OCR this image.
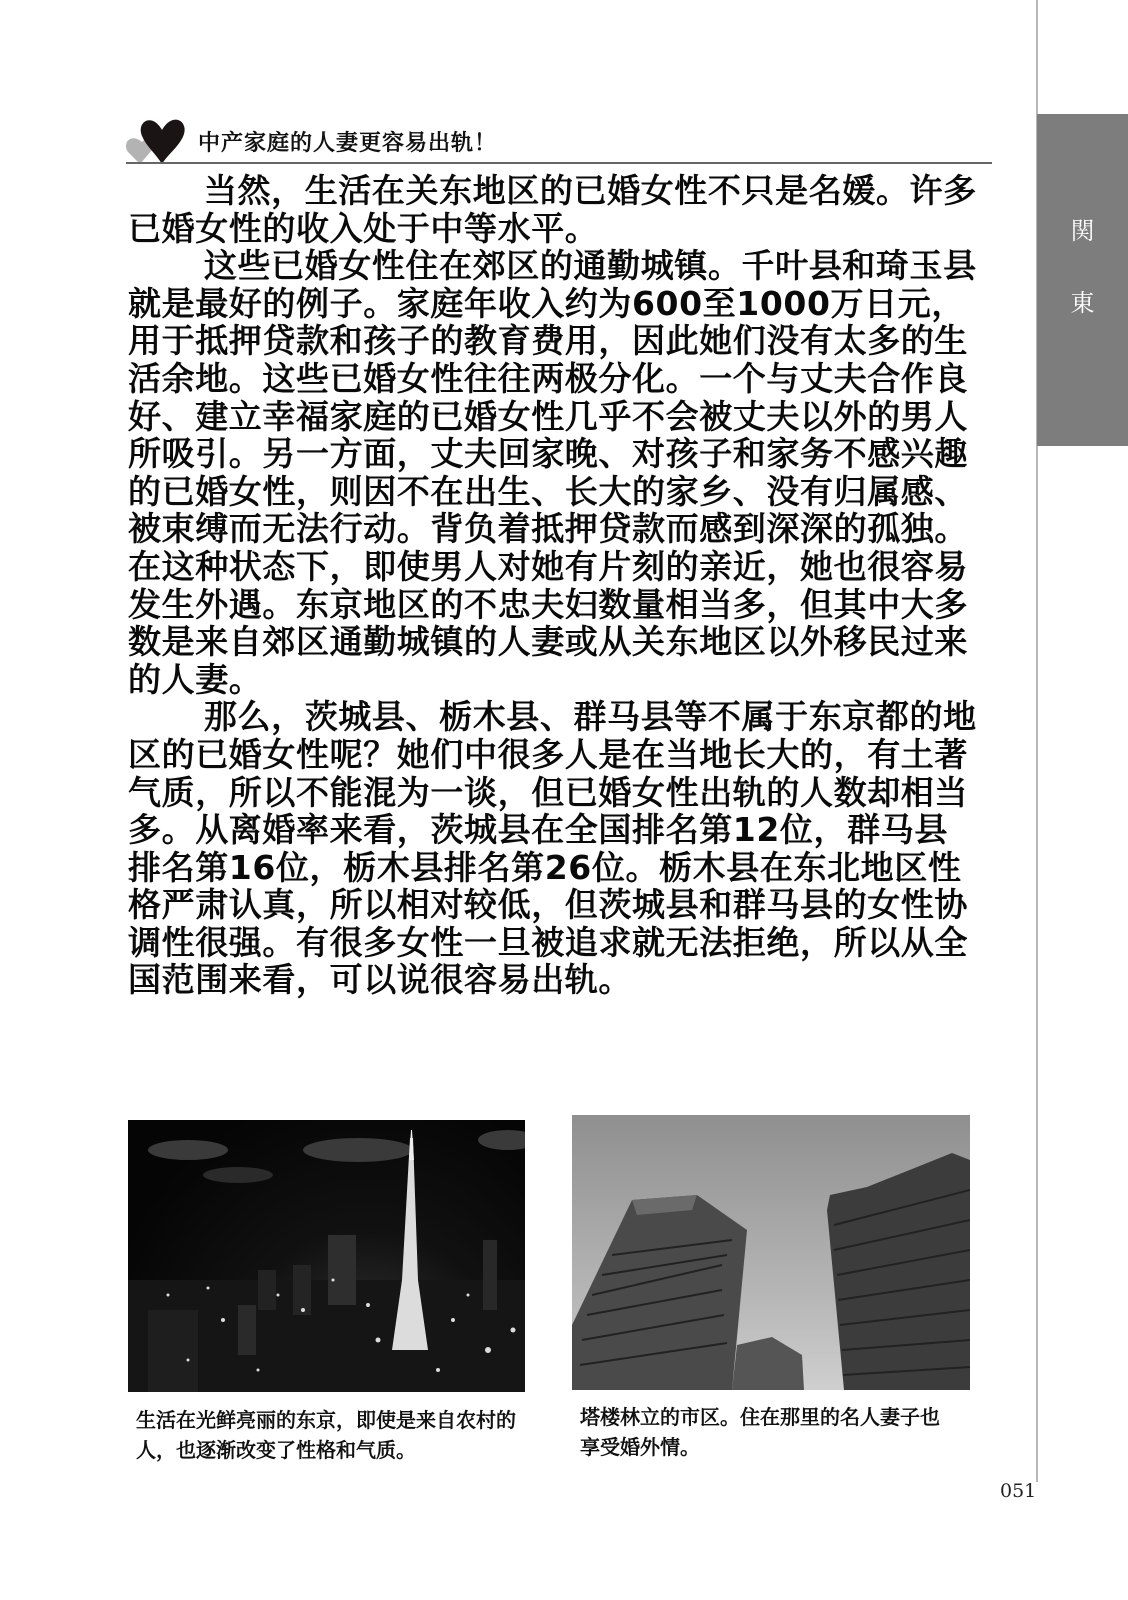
関
東
中产家庭的人妻更容易出轨！

当然，生活在关东地区的已婚女性不只是名媛。许多已婚女性的收入处于中等水平。

这些已婚女性住在郊区的通勤城镇。千叶县和琦玉县就是最好的例子。家庭年收入约为600至1000万日元，用于抵押贷款和孩子的教育费用，因此她们没有太多的生活余地。这些已婚女性往往两极分化。一个与丈夫合作良好、建立幸福家庭的已婚女性几乎不会被丈夫以外的男人所吸引。另一方面，丈夫回家晚、对孩子和家务不感兴趣的已婚女性，则因不在出生、长大的家乡、没有归属感、被束缚而无法行动。背负着抵押贷款而感到深深的孤独。在这种状态下，即使男人对她有片刻的亲近，她也很容易发生外遇。东京地区的不忠夫妇数量相当多，但其中大多数是来自郊区通勤城镇的人妻或从关东地区以外移民过来的人妻。

那么，茨城县、栃木县、群马县等不属于东京都的地区的已婚女性呢？她们中很多人是在当地长大的，有土著气质，所以不能混为一谈，但已婚女性出轨的人数却相当多。从离婚率来看，茨城县在全国排名第12位，群马县排名第16位，栃木县排名第26位。栃木县在东北地区性格严肃认真，所以相对较低，但茨城县和群马县的女性协调性很强。有很多女性一旦被追求就无法拒绝，所以从全国范围来看，可以说很容易出轨。

生活在光鲜亮丽的东京，即使是来自农村的人，也逐渐改变了性格和气质。
塔楼林立的市区。住在那里的名人妻子也享受婚外情。
051
